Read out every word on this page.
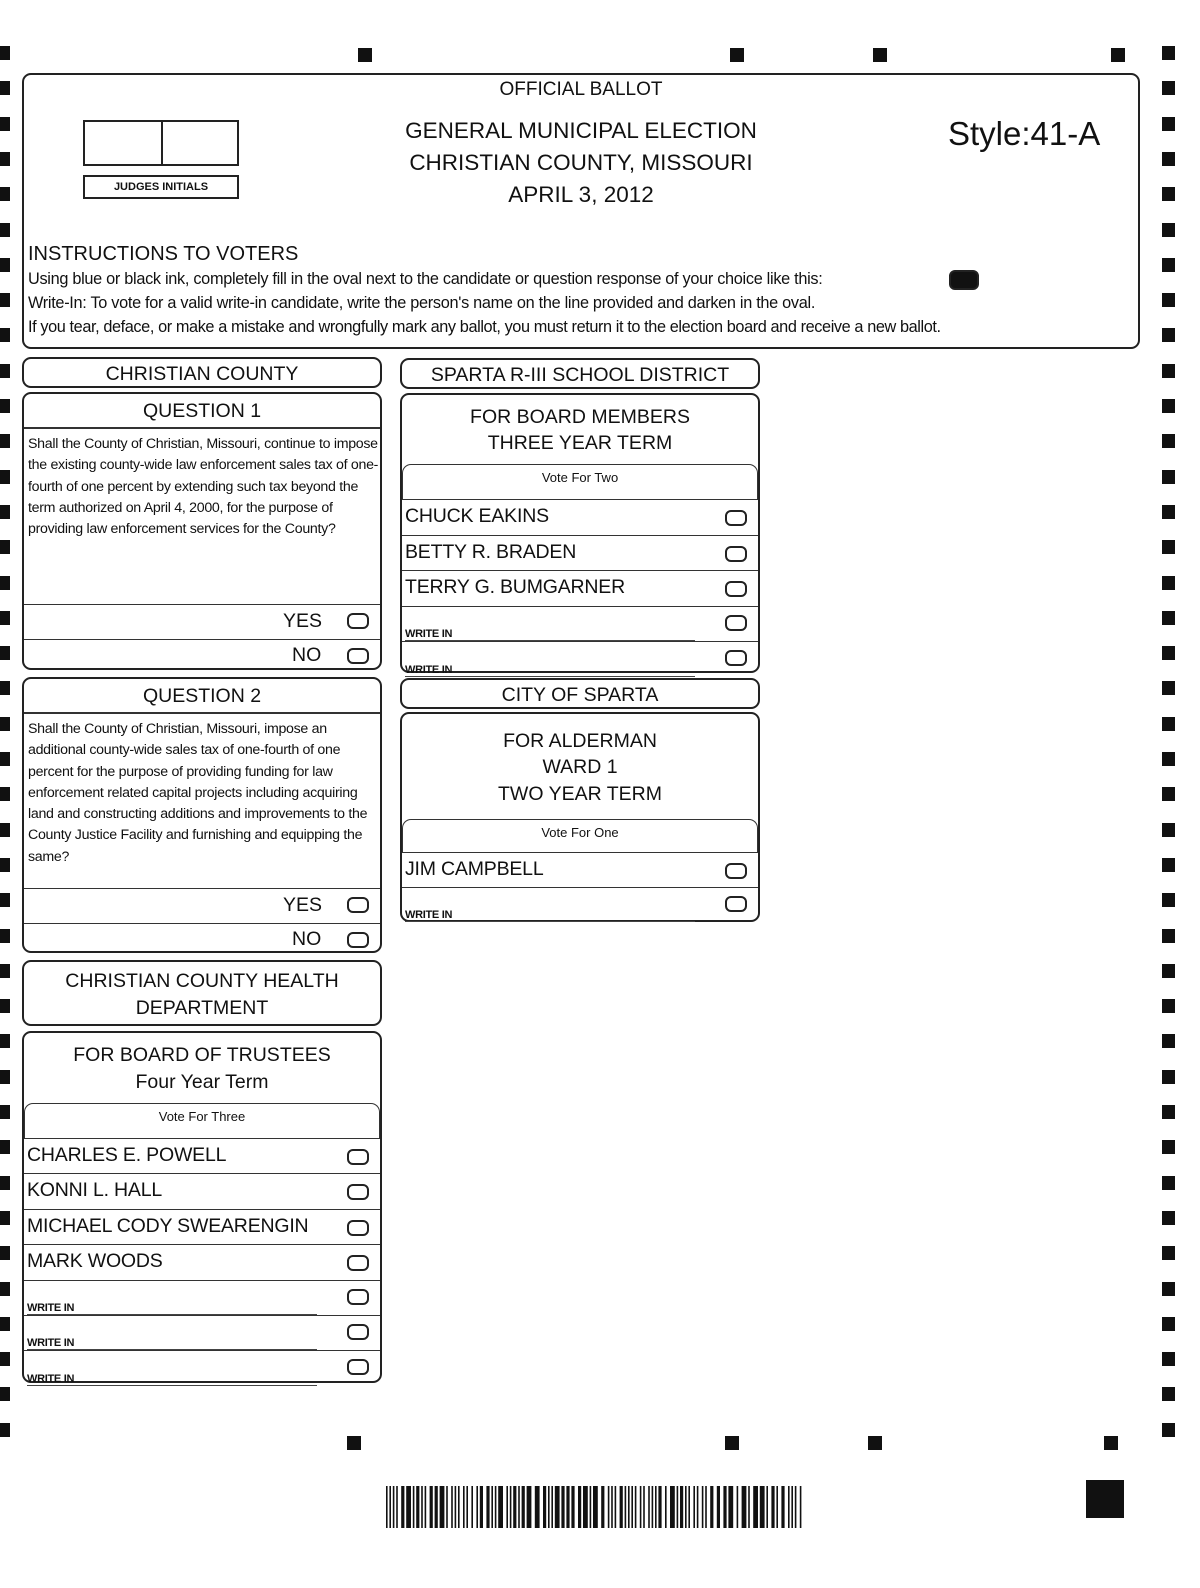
OFFICIAL BALLOT
GENERAL MUNICIPAL ELECTION
CHRISTIAN COUNTY, MISSOURI
APRIL 3, 2012
Style:41-A
JUDGES INITIALS
INSTRUCTIONS TO VOTERS
Using blue or black ink, completely fill in the oval next to the candidate or question response of your choice like this:
Write-In: To vote for a valid write-in candidate, write the person's name on the line provided and darken in the oval.
If you tear, deface, or make a mistake and wrongfully mark any ballot, you must return it to the election board and receive a new ballot.
CHRISTIAN COUNTY
QUESTION 1
Shall the County of Christian, Missouri, continue to impose the existing county-wide law enforcement sales tax of one-fourth of one percent by extending such tax beyond the term authorized on April 4, 2000, for the purpose of providing law enforcement services for the County?
YES
NO
QUESTION 2
Shall the County of Christian, Missouri, impose an additional county-wide sales tax of one-fourth of one percent for the purpose of providing funding for law enforcement related capital projects including acquiring land and constructing additions and improvements to the County Justice Facility and furnishing and equipping the same?
YES
NO
CHRISTIAN COUNTY HEALTH
DEPARTMENT
FOR BOARD OF TRUSTEES
Four Year Term
Vote For Three
CHARLES E. POWELL
KONNI L. HALL
MICHAEL CODY SWEARENGIN
MARK WOODS
WRITE IN
WRITE IN
WRITE IN
SPARTA R-III SCHOOL DISTRICT
FOR BOARD MEMBERS
THREE YEAR TERM
Vote For Two
CHUCK EAKINS
BETTY R. BRADEN
TERRY G. BUMGARNER
WRITE IN
WRITE IN
CITY OF SPARTA
FOR ALDERMAN
WARD 1
TWO YEAR TERM
Vote For One
JIM CAMPBELL
WRITE IN
